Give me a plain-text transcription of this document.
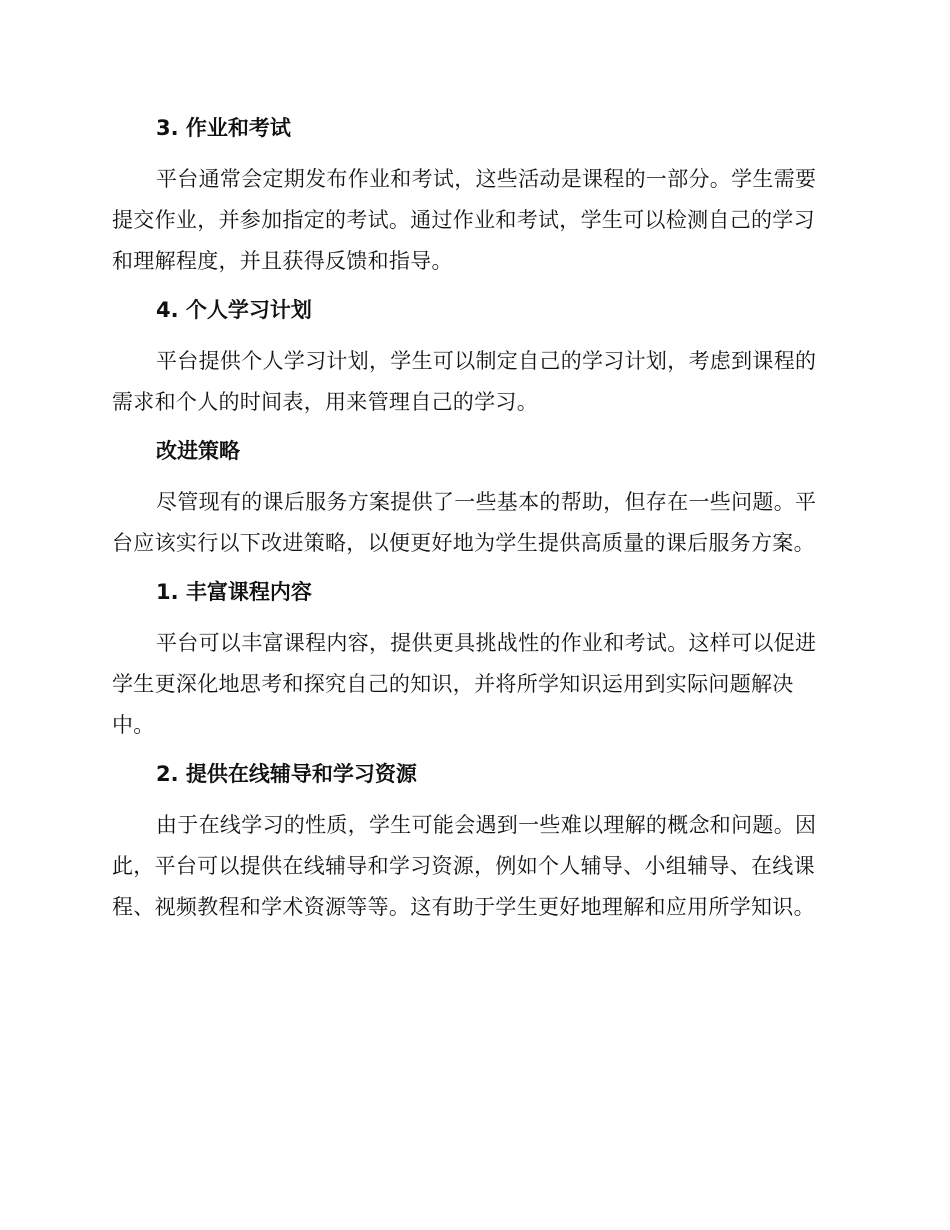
3. 作业和考试

平台通常会定期发布作业和考试，这些活动是课程的一部分。学生需要
提交作业，并参加指定的考试。通过作业和考试，学生可以检测自己的学习
和理解程度，并且获得反馈和指导。

4. 个人学习计划

平台提供个人学习计划，学生可以制定自己的学习计划，考虑到课程的
需求和个人的时间表，用来管理自己的学习。

改进策略

尽管现有的课后服务方案提供了一些基本的帮助，但存在一些问题。平
台应该实行以下改进策略，以便更好地为学生提供高质量的课后服务方案。

1. 丰富课程内容

平台可以丰富课程内容，提供更具挑战性的作业和考试。这样可以促进
学生更深化地思考和探究自己的知识，并将所学知识运用到实际问题解决
中。

2. 提供在线辅导和学习资源

由于在线学习的性质，学生可能会遇到一些难以理解的概念和问题。因
此，平台可以提供在线辅导和学习资源，例如个人辅导、小组辅导、在线课
程、视频教程和学术资源等等。这有助于学生更好地理解和应用所学知识。
